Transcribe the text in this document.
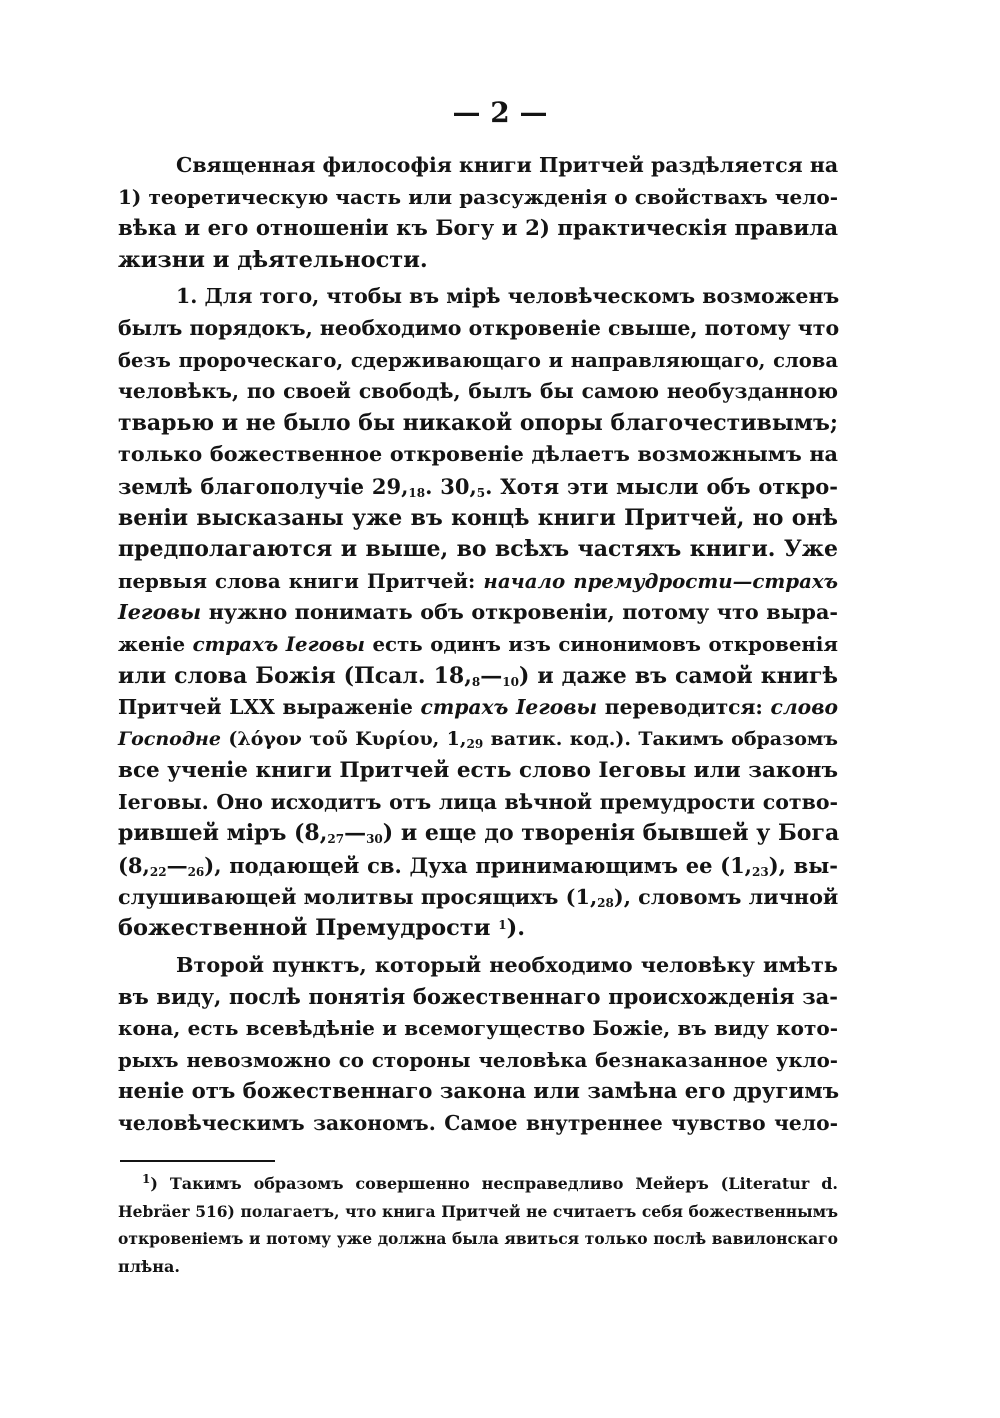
— 2 —
Священная философія книги Притчей раздѣляется на
1) теоретическую часть или разсужденія о свойствахъ чело-
вѣка и его отношеніи къ Богу и 2) практическія правила
жизни и дѣятельности.
1. Для того, чтобы въ мірѣ человѣческомъ возможенъ
былъ порядокъ, необходимо откровеніе свыше, потому что
безъ пророческаго, сдерживающаго и направляющаго, слова
человѣкъ, по своей свободѣ, былъ бы самою необузданною
тварью и не было бы никакой опоры благочестивымъ;
только божественное откровеніе дѣлаетъ возможнымъ на
землѣ благополучіе $29,_{18}$. $30,_5$. Хотя эти мысли объ откро-
веніи высказаны уже въ концѣ книги Притчей, но онѣ
предполагаются и выше, во всѣхъ частяхъ книги. Уже
первыя слова книги Притчей: начало премудрости—страхъ
Іеговы нужно понимать объ откровеніи, потому что выра-
женіе страхъ Іеговы есть одинъ изъ синонимовъ откровенія
или слова Божія (Псал. $18,_8—_{10}$) и даже въ самой книгѣ
Притчей LXX выраженіе страхъ Іеговы переводится: слово
Господне (λόγον τοῦ Κυρίου, $1,_{29}$ ватик. код.). Такимъ образомъ
все ученіе книги Притчей есть слово Іеговы или законъ
Іеговы. Оно исходитъ отъ лица вѣчной премудрости сотво-
рившей міръ $(8,_{27}—_{30})$ и еще до творенія бывшей у Бога
$(8,_{22}—_{26})$, подающей св. Духа принимающимъ ее $(1,_{23})$, вы-
слушивающей молитвы просящихъ $(1,_{28})$, словомъ личной
божественной Премудрости $^1$).
Второй пунктъ, который необходимо человѣку имѣть
въ виду, послѣ понятія божественнаго происхожденія за-
кона, есть всевѣдѣніе и всемогущество Божіе, въ виду кото-
рыхъ невозможно со стороны человѣка безнаказанное укло-
неніе отъ божественнаго закона или замѣна его другимъ
человѣческимъ закономъ. Самое внутреннее чувство чело-
$^1$) Такимъ образомъ совершенно несправедливо Мейеръ (Literatur d.
Hebräer 516) полагаетъ, что книга Притчей не считаетъ себя божественнымъ
откровеніемъ и потому уже должна была явиться только послѣ вавилонскаго
плѣна.
